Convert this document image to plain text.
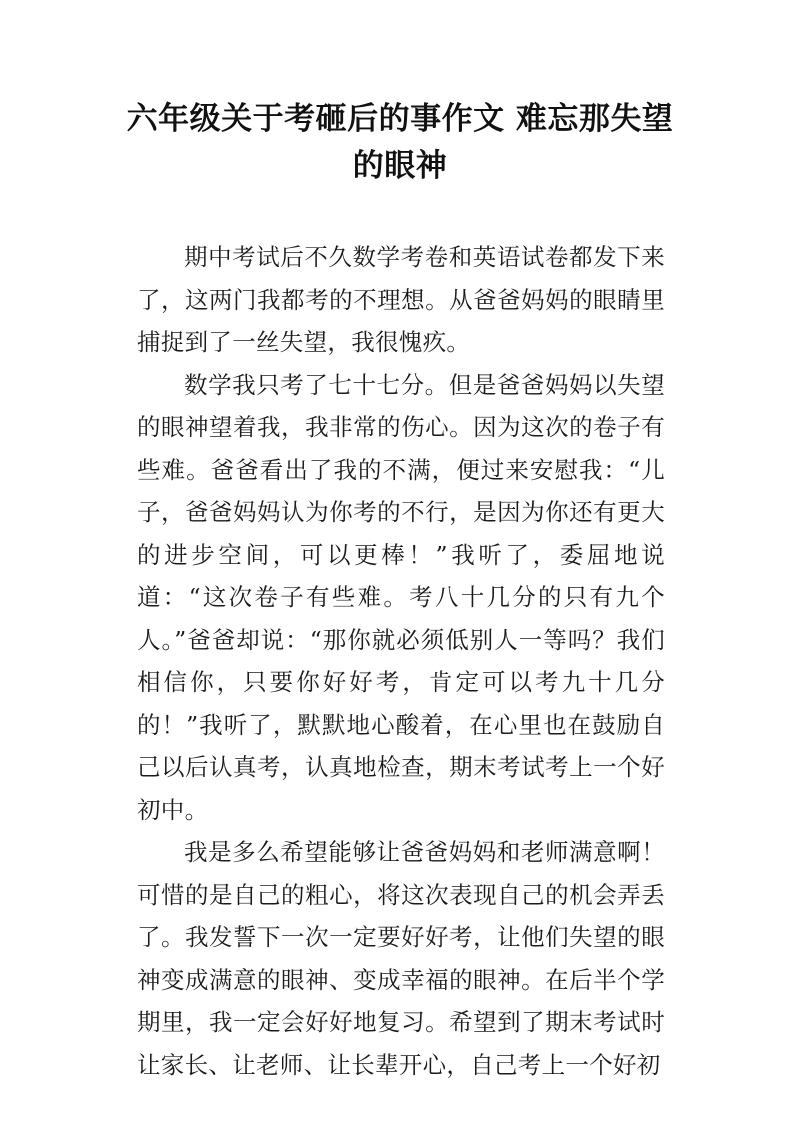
六年级关于考砸后的事作文 难忘那失望的眼神

期中考试后不久数学考卷和英语试卷都发下来了，这两门我都考的不理想。从爸爸妈妈的眼睛里捕捉到了一丝失望，我很愧疚。

数学我只考了七十七分。但是爸爸妈妈以失望的眼神望着我，我非常的伤心。因为这次的卷子有些难。爸爸看出了我的不满，便过来安慰我：“儿子，爸爸妈妈认为你考的不行，是因为你还有更大的进步空间，可以更棒！”我听了，委屈地说道：“这次卷子有些难。考八十几分的只有九个人。”爸爸却说：“那你就必须低别人一等吗？我们相信你，只要你好好考，肯定可以考九十几分的！”我听了，默默地心酸着，在心里也在鼓励自己以后认真考，认真地检查，期末考试考上一个好初中。

我是多么希望能够让爸爸妈妈和老师满意啊！可惜的是自己的粗心，将这次表现自己的机会弄丢了。我发誓下一次一定要好好考，让他们失望的眼神变成满意的眼神、变成幸福的眼神。在后半个学期里，我一定会好好地复习。希望到了期末考试时让家长、让老师、让长辈开心，自己考上一个好初
